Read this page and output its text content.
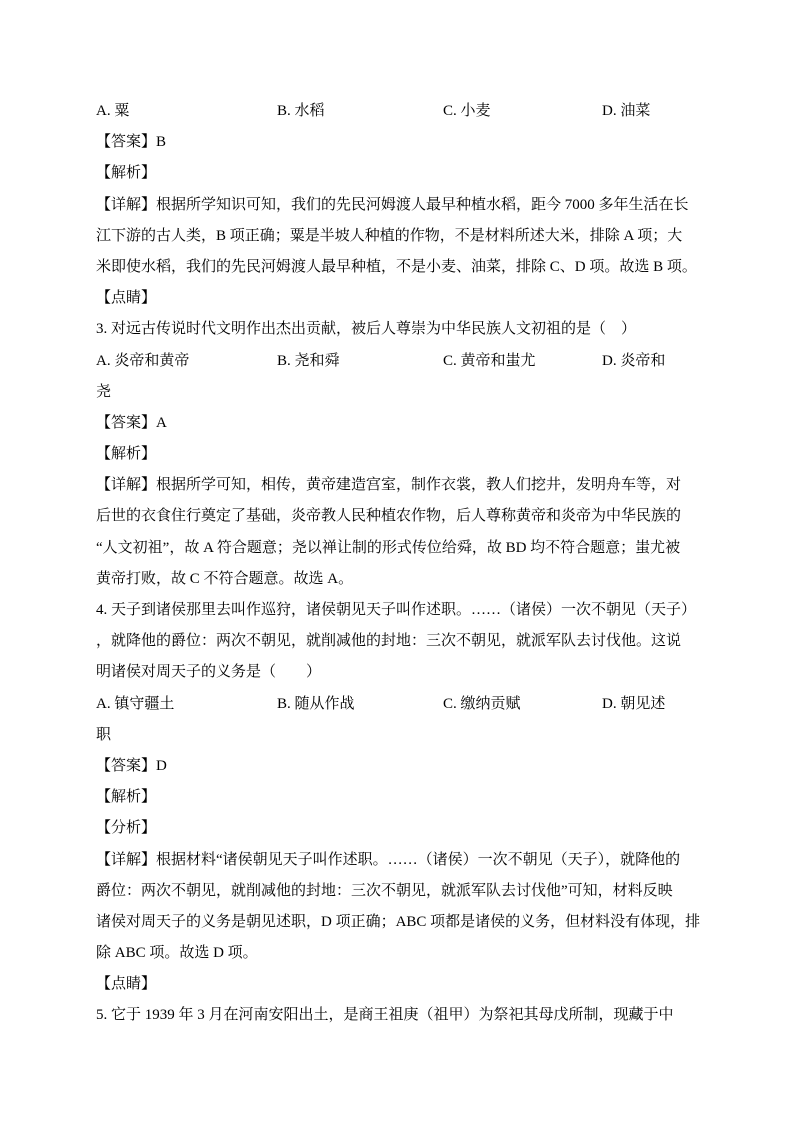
A. 粟	B. 水稻	C. 小麦	D. 油菜
【答案】B
【解析】
【详解】根据所学知识可知，我们的先民河姆渡人最早种植水稻，距今 7000 多年生活在长
江下游的古人类，B 项正确；粟是半坡人种植的作物，不是材料所述大米，排除 A 项；大
米即使水稻，我们的先民河姆渡人最早种植，不是小麦、油菜，排除 C、D 项。故选 B 项。
【点睛】
3. 对远古传说时代文明作出杰出贡献，被后人尊崇为中华民族人文初祖的是（　）
A. 炎帝和黄帝	B. 尧和舜	C. 黄帝和蚩尤	D. 炎帝和
尧
【答案】A
【解析】
【详解】根据所学可知，相传，黄帝建造宫室，制作衣裳，教人们挖井，发明舟车等，对
后世的衣食住行奠定了基础，炎帝教人民种植农作物，后人尊称黄帝和炎帝为中华民族的
“人文初祖”，故 A 符合题意；尧以禅让制的形式传位给舜，故 BD 均不符合题意；蚩尤被
黄帝打败，故 C 不符合题意。故选 A。
4. 天子到诸侯那里去叫作巡狩，诸侯朝见天子叫作述职。……（诸侯）一次不朝见（天子）
，就降他的爵位：两次不朝见，就削减他的封地：三次不朝见，就派军队去讨伐他。这说
明诸侯对周天子的义务是（　　）
A. 镇守疆土	B. 随从作战	C. 缴纳贡赋	D. 朝见述
职
【答案】D
【解析】
【分析】
【详解】根据材料“诸侯朝见天子叫作述职。……（诸侯）一次不朝见（天子），就降他的
爵位：两次不朝见，就削减他的封地：三次不朝见，就派军队去讨伐他”可知，材料反映
诸侯对周天子的义务是朝见述职，D 项正确；ABC 项都是诸侯的义务，但材料没有体现，排
除 ABC 项。故选 D 项。
【点睛】
5. 它于 1939 年 3 月在河南安阳出土，是商王祖庚（祖甲）为祭祀其母戊所制，现藏于中
